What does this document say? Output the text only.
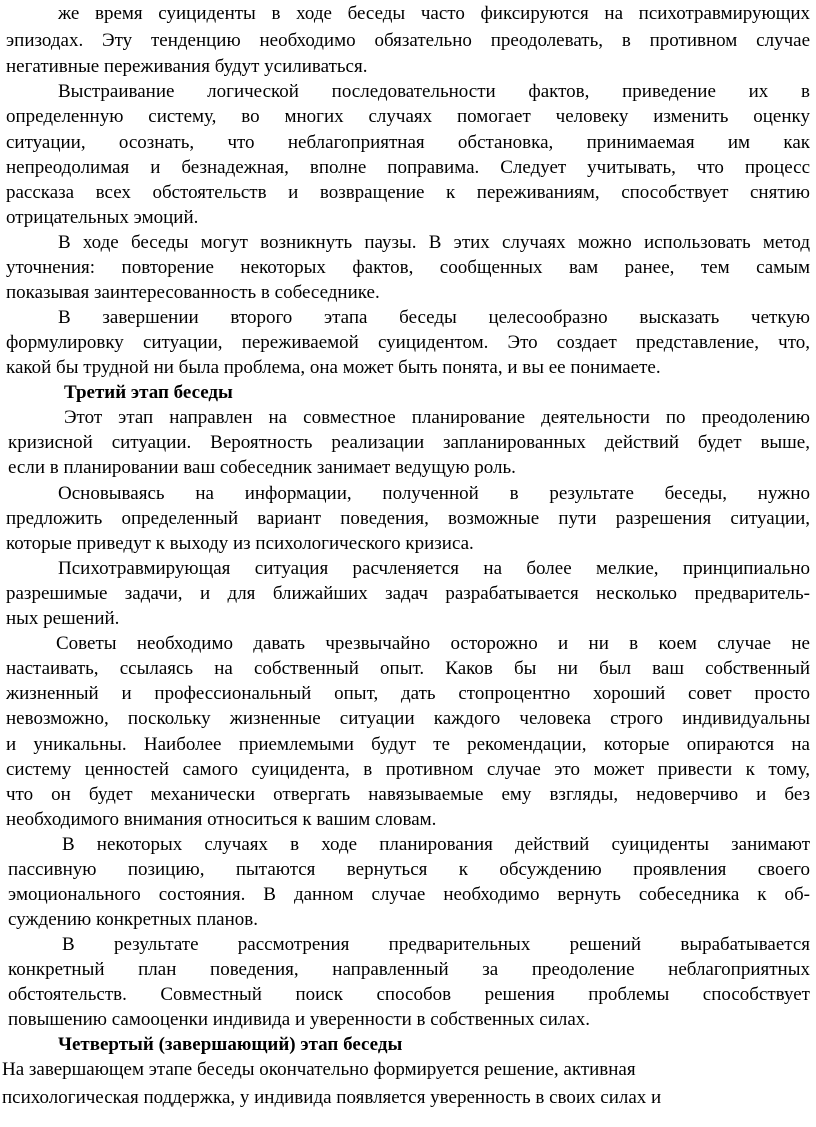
же время суициденты в ходе беседы часто фиксируются на психотравмирующих
эпизодах. Эту тенденцию необходимо обязательно преодолевать, в противном случае
негативные переживания будут усиливаться.
Выстраивание логической последовательности фактов, приведение их в
определенную систему, во многих случаях помогает человеку изменить оценку
ситуации, осознать, что неблагоприятная обстановка, принимаемая им как
непреодолимая и безнадежная, вполне поправима. Следует учитывать, что процесс
рассказа всех обстоятельств и возвращение к переживаниям, способствует снятию
отрицательных эмоций.
В ходе беседы могут возникнуть паузы. В этих случаях можно использовать метод
уточнения: повторение некоторых фактов, сообщенных вам ранее, тем самым
показывая заинтересованность в собеседнике.
В завершении второго этапа беседы целесообразно высказать четкую
формулировку ситуации, переживаемой суицидентом. Это создает представление, что,
какой бы трудной ни была проблема, она может быть понята, и вы ее понимаете.
Третий этап беседы
Этот этап направлен на совместное планирование деятельности по преодолению
кризисной ситуации. Вероятность реализации запланированных действий будет выше,
если в планировании ваш собеседник занимает ведущую роль.
Основываясь на информации, полученной в результате беседы, нужно
предложить определенный вариант поведения, возможные пути разрешения ситуации,
которые приведут к выходу из психологического кризиса.
Психотравмирующая ситуация расчленяется на более мелкие, принципиально
разрешимые задачи, и для ближайших задач разрабатывается несколько предваритель-
ных решений.
Советы необходимо давать чрезвычайно осторожно и ни в коем случае не
настаивать, ссылаясь на собственный опыт. Каков бы ни был ваш собственный
жизненный и профессиональный опыт, дать стопроцентно хороший совет просто
невозможно, поскольку жизненные ситуации каждого человека строго индивидуальны
и уникальны. Наиболее приемлемыми будут те рекомендации, которые опираются на
систему ценностей самого суицидента, в противном случае это может привести к тому,
что он будет механически отвергать навязываемые ему взгляды, недоверчиво и без
необходимого внимания относиться к вашим словам.
В некоторых случаях в ходе планирования действий суициденты занимают
пассивную позицию, пытаются вернуться к обсуждению проявления своего
эмоционального состояния. В данном случае необходимо вернуть собеседника к об-
суждению конкретных планов.
В результате рассмотрения предварительных решений вырабатывается
конкретный план поведения, направленный за преодоление неблагоприятных
обстоятельств. Совместный поиск способов решения проблемы способствует
повышению самооценки индивида и уверенности в собственных силах.
Четвертый (завершающий) этап беседы
На завершающем этапе беседы окончательно формируется решение, активная
психологическая поддержка, у индивида появляется уверенность в своих силах и
